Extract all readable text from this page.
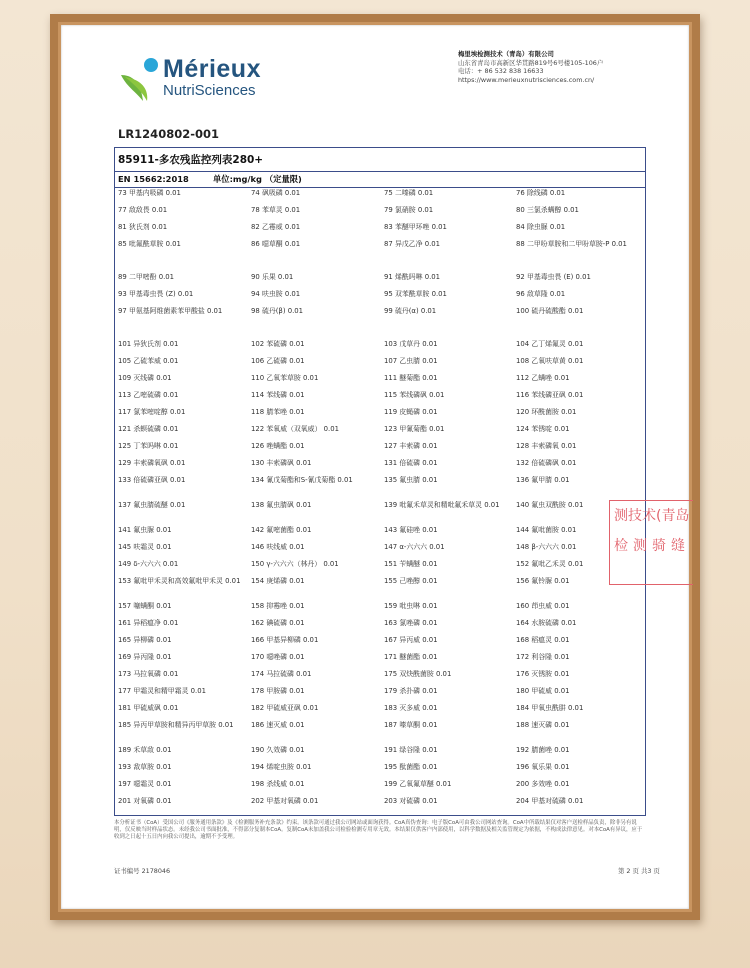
Mérieux
NutriSciences
梅里埃检测技术（青岛）有限公司
山东省青岛市高新区华贯路819号6号楼105-106户
电话：+ 86 532 838 16633
https://www.merieuxnutrisciences.com.cn/
LR1240802-001
85911-多农残监控列表280+
EN 15662:2018	单位:mg/kg （定量限)
73 甲基内吸磷 0.01	74 砜吸磷 0.01	75 二嗪磷 0.01	76 除线磷 0.01
77 敌敌畏 0.01	78 苯草灵 0.01	79 氯硝胺 0.01	80 三氯杀螨醇 0.01
81 狄氏剂 0.01	82 乙霉威 0.01	83 苯醚甲环唑 0.01	84 除虫脲 0.01
85 吡氟酰草胺 0.01	86 噁草酮 0.01	87 异戊乙净 0.01	88 二甲吩草胺和二甲吩草胺-P 0.01
89 二甲嘧酚 0.01	90 乐果 0.01	91 烯酰吗啉 0.01	92 甲基毒虫畏 (E) 0.01
93 甲基毒虫畏 (Z) 0.01	94 呋虫胺 0.01	95 双苯酰草胺 0.01	96 敌草隆 0.01
97 甲氨基阿维菌素苯甲酸盐 0.01	98 硫丹(β) 0.01	99 硫丹(α) 0.01	100 硫丹硫酸酯 0.01
101 异狄氏剂 0.01	102 苯硫磷 0.01	103 戊草丹 0.01	104 乙丁烯氟灵 0.01
105 乙硫苯威 0.01	106 乙硫磷 0.01	107 乙虫腈 0.01	108 乙氧呋草黄 0.01
109 灭线磷 0.01	110 乙氧苯草胺 0.01	111 醚菊酯 0.01	112 乙螨唑 0.01
113 乙嘧硫磷 0.01	114 苯线磷 0.01	115 苯线磷砜 0.01	116 苯线磷亚砜 0.01
117 氯苯嘧啶醇 0.01	118 腈苯唑 0.01	119 皮蝇磷 0.01	120 环酰菌胺 0.01
121 杀螟硫磷 0.01	122 苯氧威（双氧威） 0.01	123 甲氰菊酯 0.01	124 苯锈啶 0.01
125 丁苯吗啉 0.01	126 唑螨酯 0.01	127 丰索磷 0.01	128 丰索磷氧 0.01
129 丰索磷氧砜 0.01	130 丰索磷砜 0.01	131 倍硫磷 0.01	132 倍硫磷砜 0.01
133 倍硫磷亚砜 0.01	134 氰戊菊酯和S-氰戊菊酯 0.01	135 氟虫腈 0.01	136 氟甲腈 0.01
137 氟虫腈硫醚 0.01	138 氟虫腈砜 0.01	139 吡氟禾草灵和精吡氟禾草灵 0.01	140 氟虫双酰胺 0.01
141 氟虫脲 0.01	142 氟嘧菌酯 0.01	143 氟硅唑 0.01	144 氟吡菌胺 0.01
145 呋霜灵 0.01	146 呋线威 0.01	147 α-六六六 0.01	148 β-六六六 0.01
149 δ-六六六 0.01	150 γ-六六六（林丹） 0.01	151 苄螨醚 0.01	152 氟吡乙禾灵 0.01
153 氟吡甲禾灵和高效氟吡甲禾灵 0.01	154 庚烯磷 0.01	155 己唑醇 0.01	156 氟铃脲 0.01
157 噻螨酮 0.01	158 抑霉唑 0.01	159 吡虫啉 0.01	160 茚虫威 0.01
161 异稻瘟净 0.01	162 碘硫磷 0.01	163 氯唑磷 0.01	164 水胺硫磷 0.01
165 异柳磷 0.01	166 甲基异柳磷 0.01	167 异丙威 0.01	168 稻瘟灵 0.01
169 异丙隆 0.01	170 噁唑磷 0.01	171 醚菌酯 0.01	172 利谷隆 0.01
173 马拉氧磷 0.01	174 马拉硫磷 0.01	175 双炔酰菌胺 0.01	176 灭锈胺 0.01
177 甲霜灵和精甲霜灵 0.01	178 甲胺磷 0.01	179 杀扑磷 0.01	180 甲硫威 0.01
181 甲硫威砜 0.01	182 甲硫威亚砜 0.01	183 灭多威 0.01	184 甲氧虫酰肼 0.01
185 异丙甲草胺和精异丙甲草胺 0.01	186 速灭威 0.01	187 嗪草酮 0.01	188 速灭磷 0.01
189 禾草敌 0.01	190 久效磷 0.01	191 绿谷隆 0.01	192 腈菌唑 0.01
193 敌草胺 0.01	194 烯啶虫胺 0.01	195 酞菌酯 0.01	196 氧乐果 0.01
197 噁霜灵 0.01	198 杀线威 0.01	199 乙氧氟草醚 0.01	200 多效唑 0.01
201 对氧磷 0.01	202 甲基对氧磷 0.01	203 对硫磷 0.01	204 甲基对硫磷 0.01
本分析证书（CoA）受国公司《服务通用条款》及《检测服务补充条款》约束。该条款可通过我公司网站或面询获得。CoA真伪查询：电子版CoA可由我公司网站查询。CoA中所载结果仅对客户送检样品负责，除非另有说明，仅反映当时样品状态。未经我公司书面批准，不得部分复制本CoA。复制CoA未加盖我公司检验检测专用章无效。本结果仅供客户内部使用，以科学数据及相关监管规定为依据，不构成法律意见。对本CoA有异议，应于收到之日起十五日内向我公司提出，逾期不予受理。
证书编号 2178046	第 2 页 共3 页
测技术(青岛
检测骑缝
